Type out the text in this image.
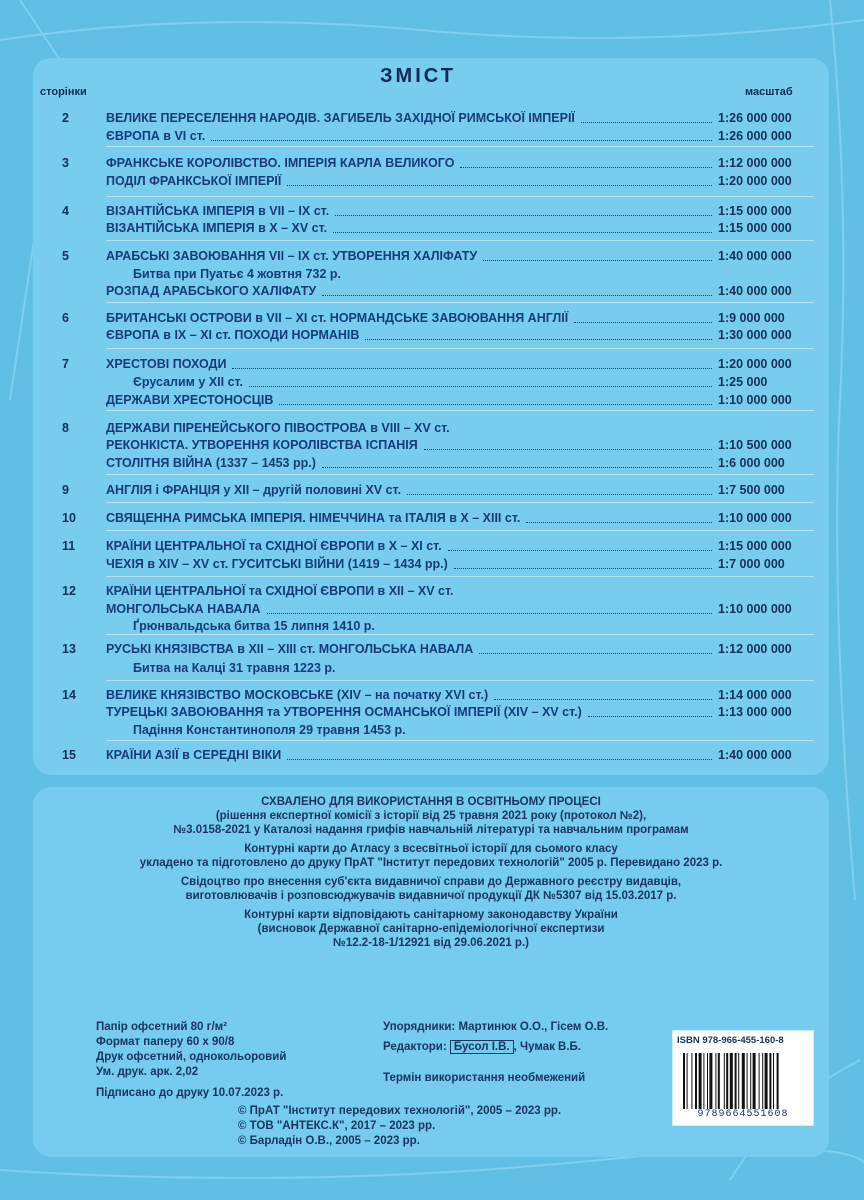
ЗМІСТ
сторінки	масштаб
2	ВЕЛИКЕ ПЕРЕСЕЛЕННЯ НАРОДІВ. ЗАГИБЕЛЬ ЗАХІДНОЇ РИМСЬКОЇ ІМПЕРІЇ	1:26 000 000
ЄВРОПА в VI ст.	1:26 000 000
3	ФРАНКСЬКЕ КОРОЛІВСТВО. ІМПЕРІЯ КАРЛА ВЕЛИКОГО	1:12 000 000
ПОДІЛ ФРАНКСЬКОЇ ІМПЕРІЇ	1:20 000 000
4	ВІЗАНТІЙСЬКА ІМПЕРІЯ в VII – IX ст.	1:15 000 000
ВІЗАНТІЙСЬКА ІМПЕРІЯ в X – XV ст.	1:15 000 000
5	АРАБСЬКІ ЗАВОЮВАННЯ VII – IX ст. УТВОРЕННЯ ХАЛІФАТУ	1:40 000 000
Битва при Пуатьє 4 жовтня 732 р.
РОЗПАД АРАБСЬКОГО ХАЛІФАТУ	1:40 000 000
6	БРИТАНСЬКІ ОСТРОВИ в VII – XI ст. НОРМАНДСЬКЕ ЗАВОЮВАННЯ АНГЛІЇ	1:9 000 000
ЄВРОПА в IX – XI ст. ПОХОДИ НОРМАНІВ	1:30 000 000
7	ХРЕСТОВІ ПОХОДИ	1:20 000 000
Єрусалим у XII ст.	1:25 000
ДЕРЖАВИ ХРЕСТОНОСЦІВ	1:10 000 000
8	ДЕРЖАВИ ПІРЕНЕЙСЬКОГО ПІВОСТРОВА в VIII – XV ст.
РЕКОНКІСТА. УТВОРЕННЯ КОРОЛІВСТВА ІСПАНІЯ	1:10 500 000
СТОЛІТНЯ ВІЙНА (1337 – 1453 рр.)	1:6 000 000
9	АНГЛІЯ і ФРАНЦІЯ у XII – другій половині XV ст.	1:7 500 000
10	СВЯЩЕННА РИМСЬКА ІМПЕРІЯ. НІМЕЧЧИНА та ІТАЛІЯ в X – XIII ст.	1:10 000 000
11	КРАЇНИ ЦЕНТРАЛЬНОЇ та СХІДНОЇ ЄВРОПИ в X – XI ст.	1:15 000 000
ЧЕХІЯ в XIV – XV ст. ГУСИТСЬКІ ВІЙНИ (1419 – 1434 рр.)	1:7 000 000
12	КРАЇНИ ЦЕНТРАЛЬНОЇ та СХІДНОЇ ЄВРОПИ в XII – XV ст.
МОНГОЛЬСЬКА НАВАЛА	1:10 000 000
Ґрюнвальдська битва 15 липня 1410 р.
13	РУСЬКІ КНЯЗІВСТВА в XII – XIII ст. МОНГОЛЬСЬКА НАВАЛА	1:12 000 000
Битва на Калці 31 травня 1223 р.
14	ВЕЛИКЕ КНЯЗІВСТВО МОСКОВСЬКЕ (XIV – на початку XVI ст.)	1:14 000 000
ТУРЕЦЬКІ ЗАВОЮВАННЯ та УТВОРЕННЯ ОСМАНСЬКОЇ ІМПЕРІЇ (XIV – XV ст.)	1:13 000 000
Падіння Константинополя 29 травня 1453 р.
15	КРАЇНИ АЗІЇ в СЕРЕДНІ ВІКИ	1:40 000 000
СХВАЛЕНО ДЛЯ ВИКОРИСТАННЯ В ОСВІТНЬОМУ ПРОЦЕСІ
(рішення експертної комісії з історії від 25 травня 2021 року (протокол №2),
№3.0158-2021 у Каталозі надання грифів навчальній літературі та навчальним програмам
Контурні карти до Атласу з всесвітньої історії для сьомого класу
укладено та підготовлено до друку ПрАТ "Інститут передових технологій" 2005 р. Перевидано 2023 р.
Свідоцтво про внесення суб'єкта видавничої справи до Державного реєстру видавців,
виготовлювачів і розповсюджувачів видавничої продукції ДК №5307 від 15.03.2017 р.
Контурні карти відповідають санітарному законодавству України
(висновок Державної санітарно-епідеміологічної експертизи
№12.2-18-1/12921 від 29.06.2021 р.)
Папір офсетний 80 г/м²
Формат паперу 60 х 90/8
Друк офсетний, однокольоровий
Ум. друк. арк. 2,02
Підписано до друку 10.07.2023 р.
Упорядники: Мартинюк О.О., Гісем О.В.
Редактори: Бусол І.В. , Чумак В.Б.
Термін використання необмежений
© ПрАТ "Інститут передових технологій", 2005 – 2023 рр.
© ТОВ "АНТЕКС.К", 2017 – 2023 рр.
© Барладін О.В., 2005 – 2023 рр.
ISBN 978-966-455-160-8
9789664551608
